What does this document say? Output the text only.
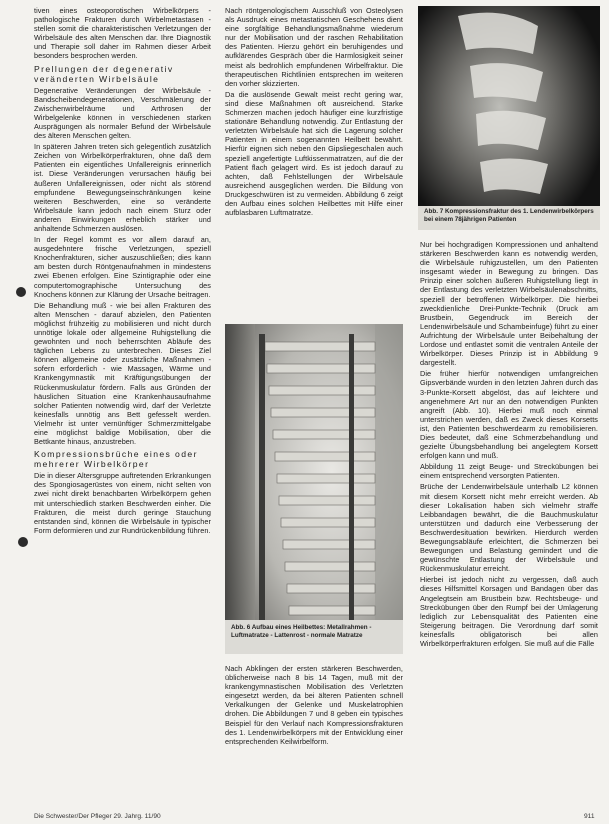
tiven eines osteoporotischen Wirbelkörpers - pathologische Frakturen durch Wirbelmetastasen - stellen somit die charakteristischen Verletzungen der Wirbelsäule des alten Menschen dar. Ihre Diagnostik und Therapie soll daher im Rahmen dieser Arbeit besonders besprochen werden.

Prellungen der degenerativ veränderten Wirbelsäule

Degenerative Veränderungen der Wirbelsäule - Bandscheibendegenerationen, Verschmälerung der Zwischenwirbelräume und Arthrosen der Wirbelgelenke können in verschiedenen starken Ausprägungen als normaler Befund der Wirbelsäule des älteren Menschen gelten.

In späteren Jahren treten sich gelegentlich zusätzlich Zeichen von Wirbelkörperfrakturen, ohne daß dem Patienten ein eigentliches Unfallereignis erinnerlich ist. Diese Veränderungen verursachen häufig bei äußeren Unfallereignissen, oder nicht als störend empfundene Bewegungseinschränkungen keine weiteren Beschwerden, eine so veränderte Wirbelsäule kann jedoch nach einem Sturz oder anderen Einwirkungen erheblich stärker und anhaltende Schmerzen auslösen.

In der Regel kommt es vor allem darauf an, ausgedehntere frische Verletzungen, speziell Knochenfrakturen, sicher auszuschließen; dies kann am besten durch Röntgenaufnahmen in mindestens zwei Ebenen erfolgen. Eine Szintigraphie oder eine computertomographische Untersuchung des Knochens können zur Klärung der Ursache beitragen.

Die Behandlung muß - wie bei allen Frakturen des alten Menschen - darauf abzielen, den Patienten möglichst frühzeitig zu mobilisieren und nicht durch unnötige lokale oder allgemeine Ruhigstellung die gewohnten und noch beherrschten Abläufe des täglichen Lebens zu unterbrechen. Dieses Ziel können allgemeine oder zusätzliche Maßnahmen - sofern erforderlich - wie Massagen, Wärme und Krankengymnastik mit Kräftigungsübungen der Rückenmuskulatur fördern. Falls aus Gründen der häuslichen Situation eine Krankenhausaufnahme solcher Patienten notwendig wird, darf der Verletzte keinesfalls unnötig ans Bett gefesselt werden. Vielmehr ist unter vernünftiger Schmerzmittelgabe eine möglichst baldige Mobilisation, über die Bettkante hinaus, anzustreben.

Kompressionsbrüche eines oder mehrerer Wirbelkörper

Die in dieser Altersgruppe auftretenden Erkrankungen des Spongiosagerüstes von einem, nicht selten von zwei nicht direkt benachbarten Wirbelkörpern gehen mit unterschiedlich starken Beschwerden einher. Die Frakturen, die meist durch geringe Stauchung entstanden sind, können die Wirbelsäule in typischer Form deformieren und zur Rundrückenbildung führen.

Nach röntgenologischem Ausschluß von Osteolysen als Ausdruck eines metastatischen Geschehens dient eine sorgfältige Behandlungsmaßnahme wiederum nur der Mobilisation und der raschen Rehabilitation des Patienten. Hierzu gehört ein beruhigendes und aufklärendes Gespräch über die Harmlosigkeit seiner meist als bedrohlich empfundenen Wirbelfraktur. Die therapeutischen Richtlinien entsprechen im weiteren den vorher skizzierten.

Da die auslösende Gewalt meist recht gering war, sind diese Maßnahmen oft ausreichend. Starke Schmerzen machen jedoch häufiger eine kurzfristige stationäre Behandlung notwendig. Zur Entlastung der verletzten Wirbelsäule hat sich die Lagerung solcher Patienten in einem sogenannten Heilbett bewährt. Hierfür eignen sich neben den Gipsliegeschalen auch speziell angefertigte Luftkissenmatratzen, auf die der Patient flach gelagert wird. Es ist jedoch darauf zu achten, daß Fehlstellungen der Wirbelsäule ausreichend ausgeglichen werden. Die Bildung von Druckgeschwüren ist zu vermeiden. Abbildung 6 zeigt den Aufbau eines solchen Heilbettes mit Hilfe einer aufblasbaren Luftmatratze.

Abb. 6 Aufbau eines Heilbettes: Metallrahmen - Luftmatratze - Lattenrost - normale Matratze

Nach Abklingen der ersten stärkeren Beschwerden, üblicherweise nach 8 bis 14 Tagen, muß mit der krankengymnastischen Mobilisation des Verletzten eingesetzt werden, da bei älteren Patienten schnell Verkalkungen der Gelenke und Muskelatrophien drohen. Die Abbildungen 7 und 8 geben ein typisches Beispiel für den Verlauf nach Kompressionsfrakturen des 1. Lendenwirbelkörpers mit der Entwicklung einer entsprechenden Keilwirbelform.

Abb. 7 Kompressionsfraktur des 1. Lendenwirbelkörpers bei einem 78jährigen Patienten

Nur bei hochgradigen Kompressionen und anhaltend stärkeren Beschwerden kann es notwendig werden, die Wirbelsäule ruhigzustellen, um den Patienten insgesamt wieder in Bewegung zu bringen. Das Prinzip einer solchen äußeren Ruhigstellung liegt in der Entlastung des verletzten Wirbelsäulenabschnitts, speziell der betroffenen Wirbelkörper. Die hierbei zweckdienliche Drei-Punkte-Technik (Druck am Brustbein, Gegendruck im Bereich der Lendenwirbelsäule und Schambeinfuge) führt zu einer Aufrichtung der Wirbelsäule unter Beibehaltung der Lordose und entlastet somit die ventralen Anteile der Wirbelkörper. Dieses Prinzip ist in Abbildung 9 dargestellt.

Die früher hierfür notwendigen umfangreichen Gipsverbände wurden in den letzten Jahren durch das 3-Punkte-Korsett abgelöst, das auf leichtere und angenehmere Art nur an den notwendigen Punkten angreift (Abb. 10). Hierbei muß noch einmal unterstrichen werden, daß es Zweck dieses Korsetts ist, den Patienten beschwerdearm zu remobilisieren. Dies bedeutet, daß eine Schmerzbehandlung und gezielte Übungsbehandlung bei angelegtem Korsett erfolgen kann und muß.

Abbildung 11 zeigt Beuge- und Streckübungen bei einem entsprechend versorgten Patienten.

Brüche der Lendenwirbelsäule unterhalb L2 können mit diesem Korsett nicht mehr erreicht werden. Ab dieser Lokalisation haben sich vielmehr straffe Leibbandagen bewährt, die die Bauchmuskulatur unterstützen und dadurch eine Verbesserung der Beschwerdesituation bewirken. Hierdurch werden Bewegungsabläufe erleichtert, die Schmerzen bei Bewegungen und Belastung gemindert und die gewünschte Entlastung der Wirbelsäule und Rückenmuskulatur erreicht.

Hierbei ist jedoch nicht zu vergessen, daß auch dieses Hilfsmittel Korsagen und Bandagen über das Angelegtsein am Brustbein bzw. Rechtsbeuge- und Streckübungen über den Rumpf bei der Umlagerung lediglich zur Lebensqualität des Patienten eine Steigerung beitragen. Die Verordnung darf somit keinesfalls obligatorisch bei allen Wirbelkörperfrakturen erfolgen. Sie muß auf die Fälle

Die Schwester/Der Pfleger 29. Jahrg. 11/90	911
